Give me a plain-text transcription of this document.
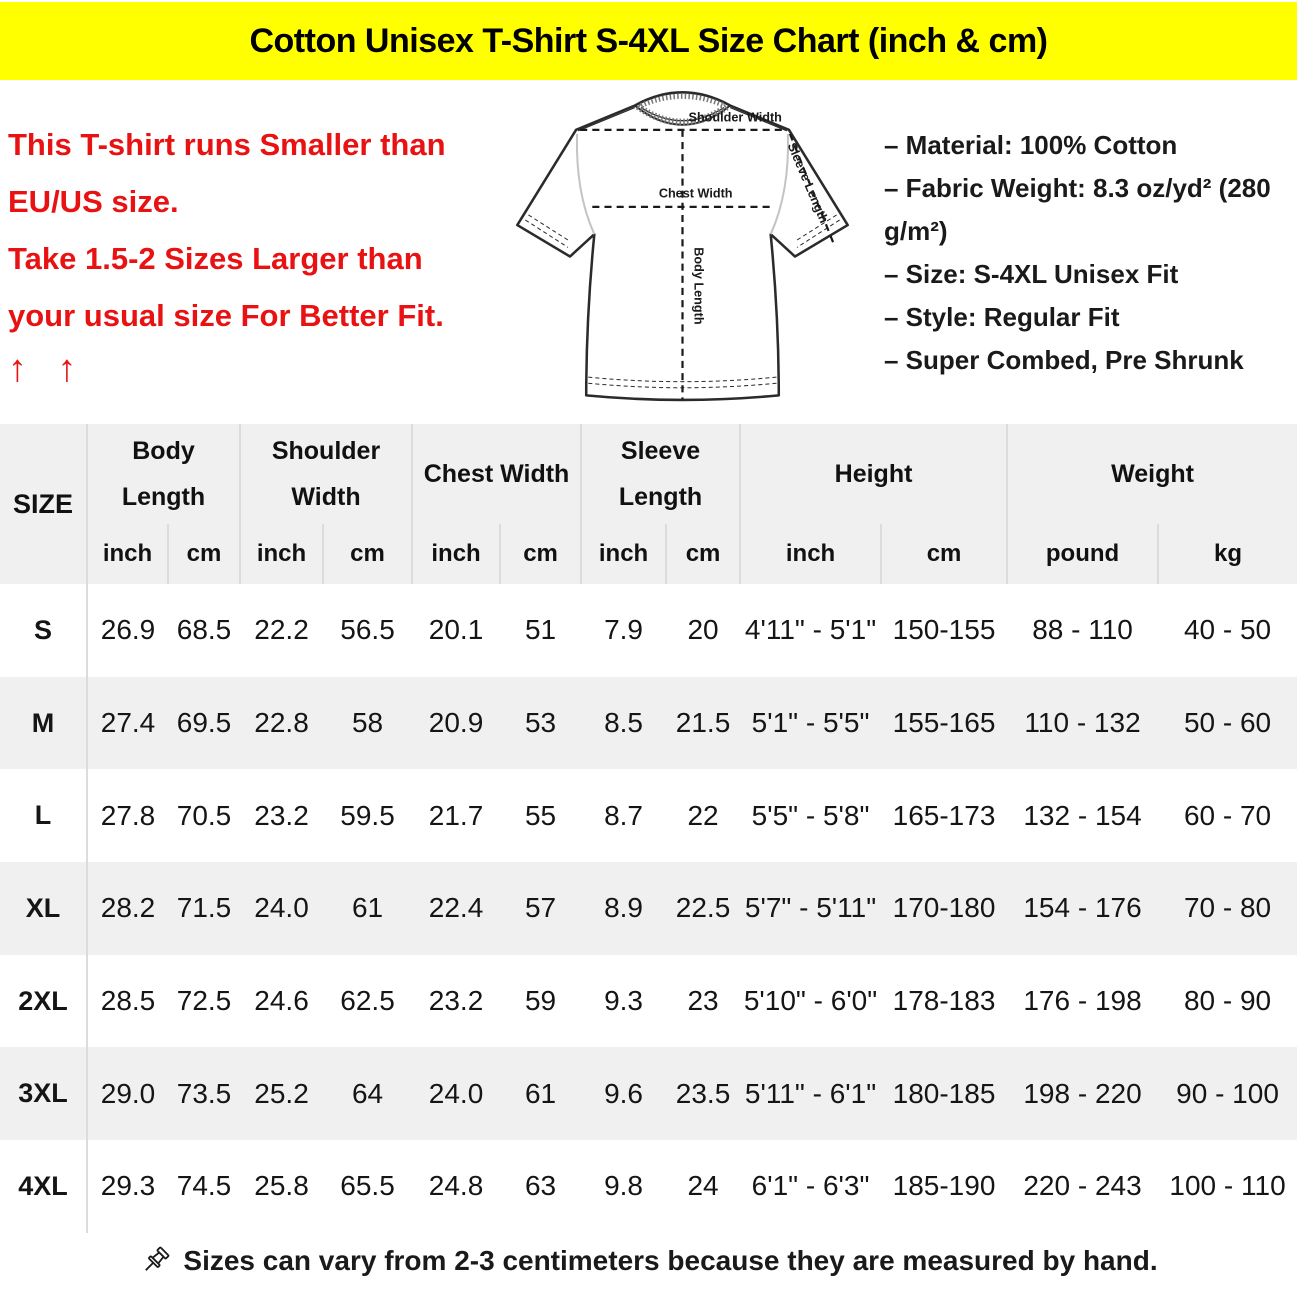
Cotton Unisex T-Shirt S-4XL Size Chart (inch & cm)
This T-shirt runs Smaller than
EU/US size.
Take 1.5-2 Sizes Larger than
your usual size For Better Fit.
↑ ↑
Shoulder Width
Chest Width
Body Length
Sleeve Length – Material: 100% Cotton
– Fabric Weight: 8.3 oz/yd² (280 g/m²)
– Size: S-4XL Unisex Fit
– Style: Regular Fit
– Super Combed, Pre Shrunk
SIZE	Body Length		Shoulder Width		Chest Width		Sleeve Length		Height		Weight	
	inch	cm	inch	cm	inch	cm	inch	cm	inch	cm	pound	kg
S	26.9	68.5	22.2	56.5	20.1	51	7.9	20	4'11" - 5'1"	150-155	88 - 110	40 - 50
M	27.4	69.5	22.8	58	20.9	53	8.5	21.5	5'1" - 5'5"	155-165	110 - 132	50 - 60
L	27.8	70.5	23.2	59.5	21.7	55	8.7	22	5'5" - 5'8"	165-173	132 - 154	60 - 70
XL	28.2	71.5	24.0	61	22.4	57	8.9	22.5	5'7" - 5'11"	170-180	154 - 176	70 - 80
2XL	28.5	72.5	24.6	62.5	23.2	59	9.3	23	5'10" - 6'0"	178-183	176 - 198	80 - 90
3XL	29.0	73.5	25.2	64	24.0	61	9.6	23.5	5'11" - 6'1"	180-185	198 - 220	90 - 100
4XL	29.3	74.5	25.8	65.5	24.8	63	9.8	24	6'1" - 6'3"	185-190	220 - 243	100 - 110
Sizes can vary from 2-3 centimeters because they are measured by hand.
